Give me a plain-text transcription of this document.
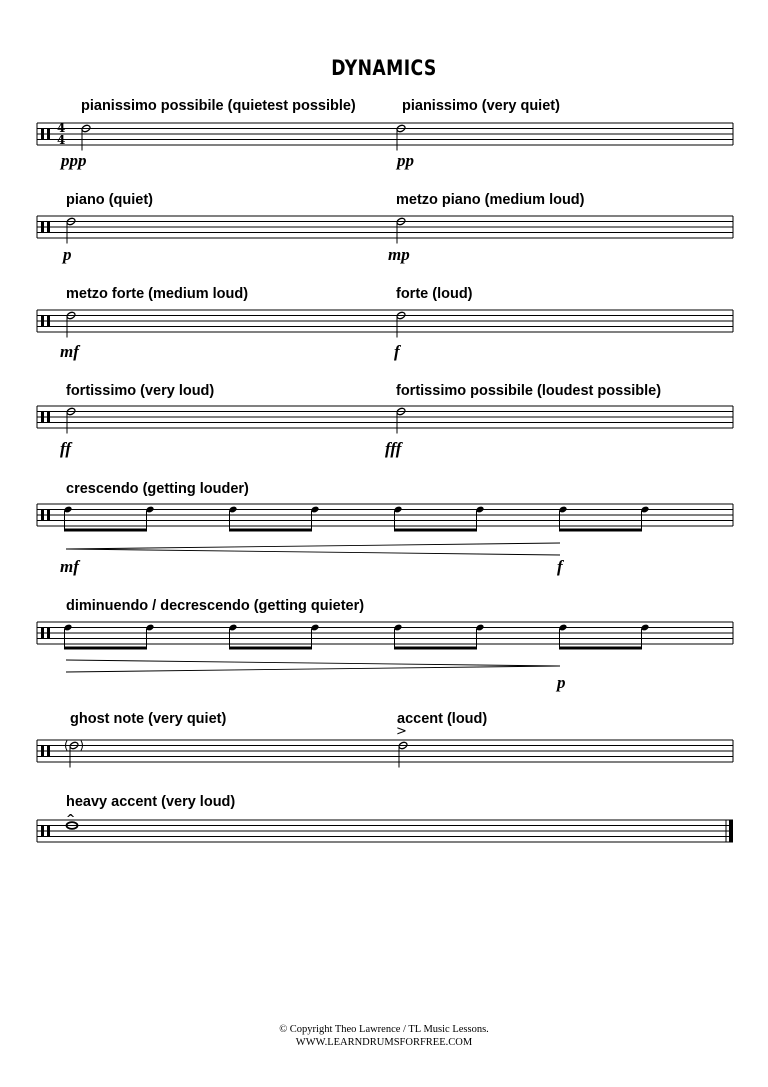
DYNAMICS
pianissimo possibile (quietest possible)	pianissimo (very quiet)
4
4
ppp	pp
piano (quiet)	metzo piano (medium loud)
p	mp
metzo forte (medium loud)	forte (loud)
mf	f
fortissimo (very loud)	fortissimo possibile (loudest possible)
ff	fff
crescendo (getting louder)
mf	f
diminuendo / decrescendo (getting quieter)
p
ghost note (very quiet)	accent (loud)
>
heavy accent (very loud)
^
© Copyright Theo Lawrence / TL Music Lessons.
WWW.LEARNDRUMSFORFREE.COM
